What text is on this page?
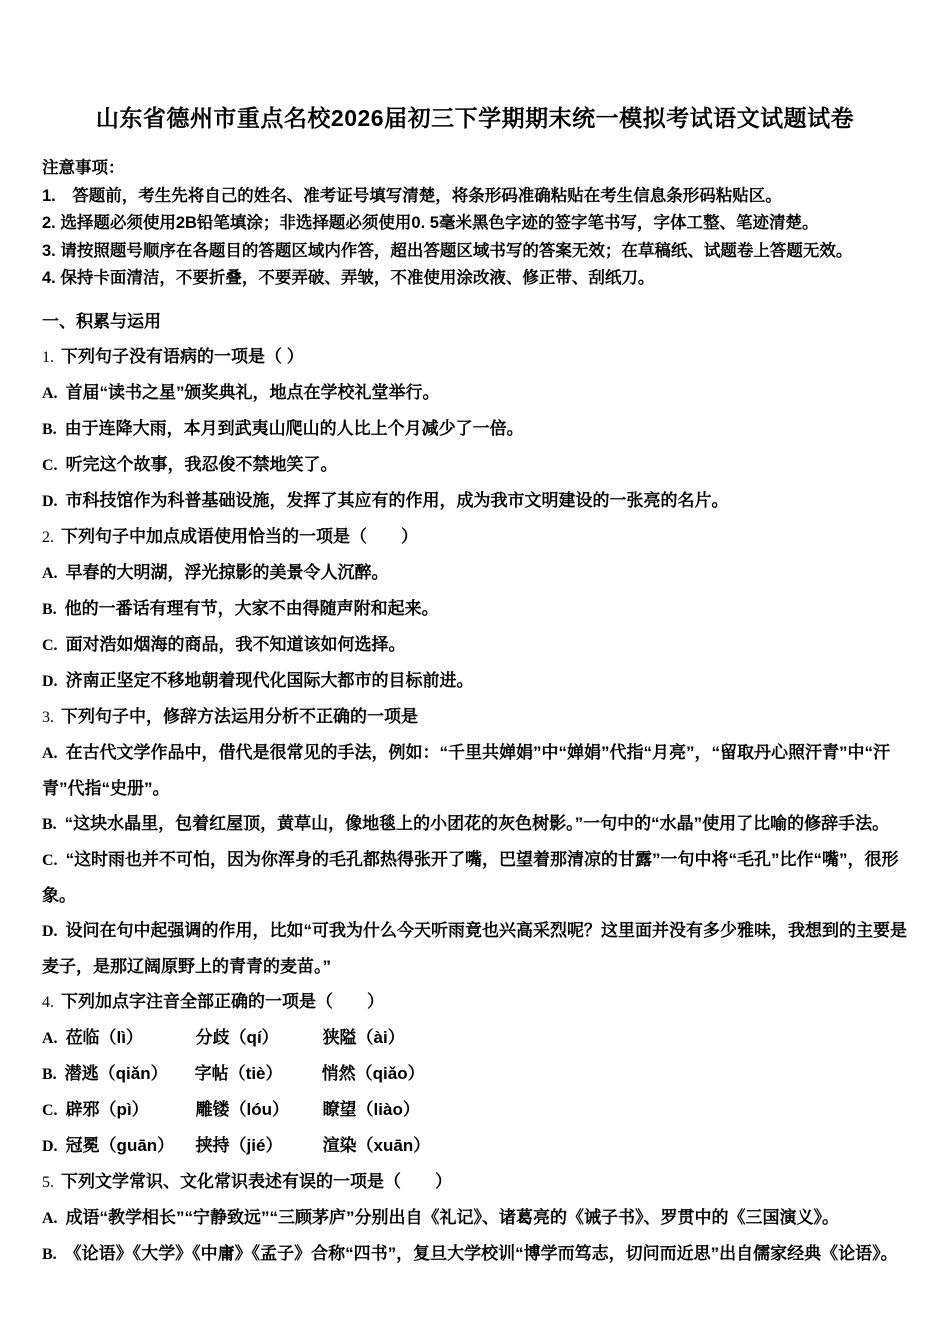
山东省德州市重点名校2026届初三下学期期末统一模拟考试语文试题试卷
注意事项：
1.　答题前，考生先将自己的姓名、准考证号填写清楚，将条形码准确粘贴在考生信息条形码粘贴区。
2. 选择题必须使用2B铅笔填涂；非选择题必须使用0. 5毫米黑色字迹的签字笔书写，字体工整、笔迹清楚。
3. 请按照题号顺序在各题目的答题区域内作答，超出答题区域书写的答案无效；在草稿纸、试题卷上答题无效。
4. 保持卡面清洁，不要折叠，不要弄破、弄皱，不准使用涂改液、修正带、刮纸刀。
一、积累与运用
1. 下列句子没有语病的一项是（ ）
A. 首届“读书之星”颁奖典礼，地点在学校礼堂举行。
B. 由于连降大雨，本月到武夷山爬山的人比上个月减少了一倍。
C. 听完这个故事，我忍俊不禁地笑了。
D. 市科技馆作为科普基础设施，发挥了其应有的作用，成为我市文明建设的一张亮的名片。
2. 下列句子中加点成语使用恰当的一项是（　　）
A. 早春的大明湖，浮光掠影的美景令人沉醉。
B. 他的一番话有理有节，大家不由得随声附和起来。
C. 面对浩如烟海的商品，我不知道该如何选择。
D. 济南正坚定不移地朝着现代化国际大都市的目标前进。
3. 下列句子中，修辞方法运用分析不正确的一项是
A. 在古代文学作品中，借代是很常见的手法，例如：“千里共婵娟”中“婵娟”代指“月亮”，“留取丹心照汗青”中“汗青”代指“史册”。
B. “这块水晶里，包着红屋顶，黄草山，像地毯上的小团花的灰色树影。”一句中的“水晶”使用了比喻的修辞手法。
C. “这时雨也并不可怕，因为你浑身的毛孔都热得张开了嘴，巴望着那清凉的甘露”一句中将“毛孔”比作“嘴”，很形象。
D. 设问在句中起强调的作用，比如“可我为什么今天听雨竟也兴高采烈呢？这里面并没有多少雅味，我想到的主要是麦子，是那辽阔原野上的青青的麦苗。”
4. 下列加点字注音全部正确的一项是（　　）
A. 莅临（lì）	分歧（qí）	狭隘（ài）
B. 潜逃（qiǎn） 字帖（tiè） 悄然（qiǎo）
C. 辟邪（pì）	雕镂（lóu） 瞭望（liào）
D. 冠冕（guān） 挟持（jié） 渲染（xuān）
5. 下列文学常识、文化常识表述有误的一项是（　　）
A. 成语“教学相长”“宁静致远”“三顾茅庐”分别出自《礼记》、诸葛亮的《诫子书》、罗贯中的《三国演义》。
B. 《论语》《大学》《中庸》《孟子》合称“四书”，复旦大学校训“博学而笃志，切问而近思”出自儒家经典《论语》。
